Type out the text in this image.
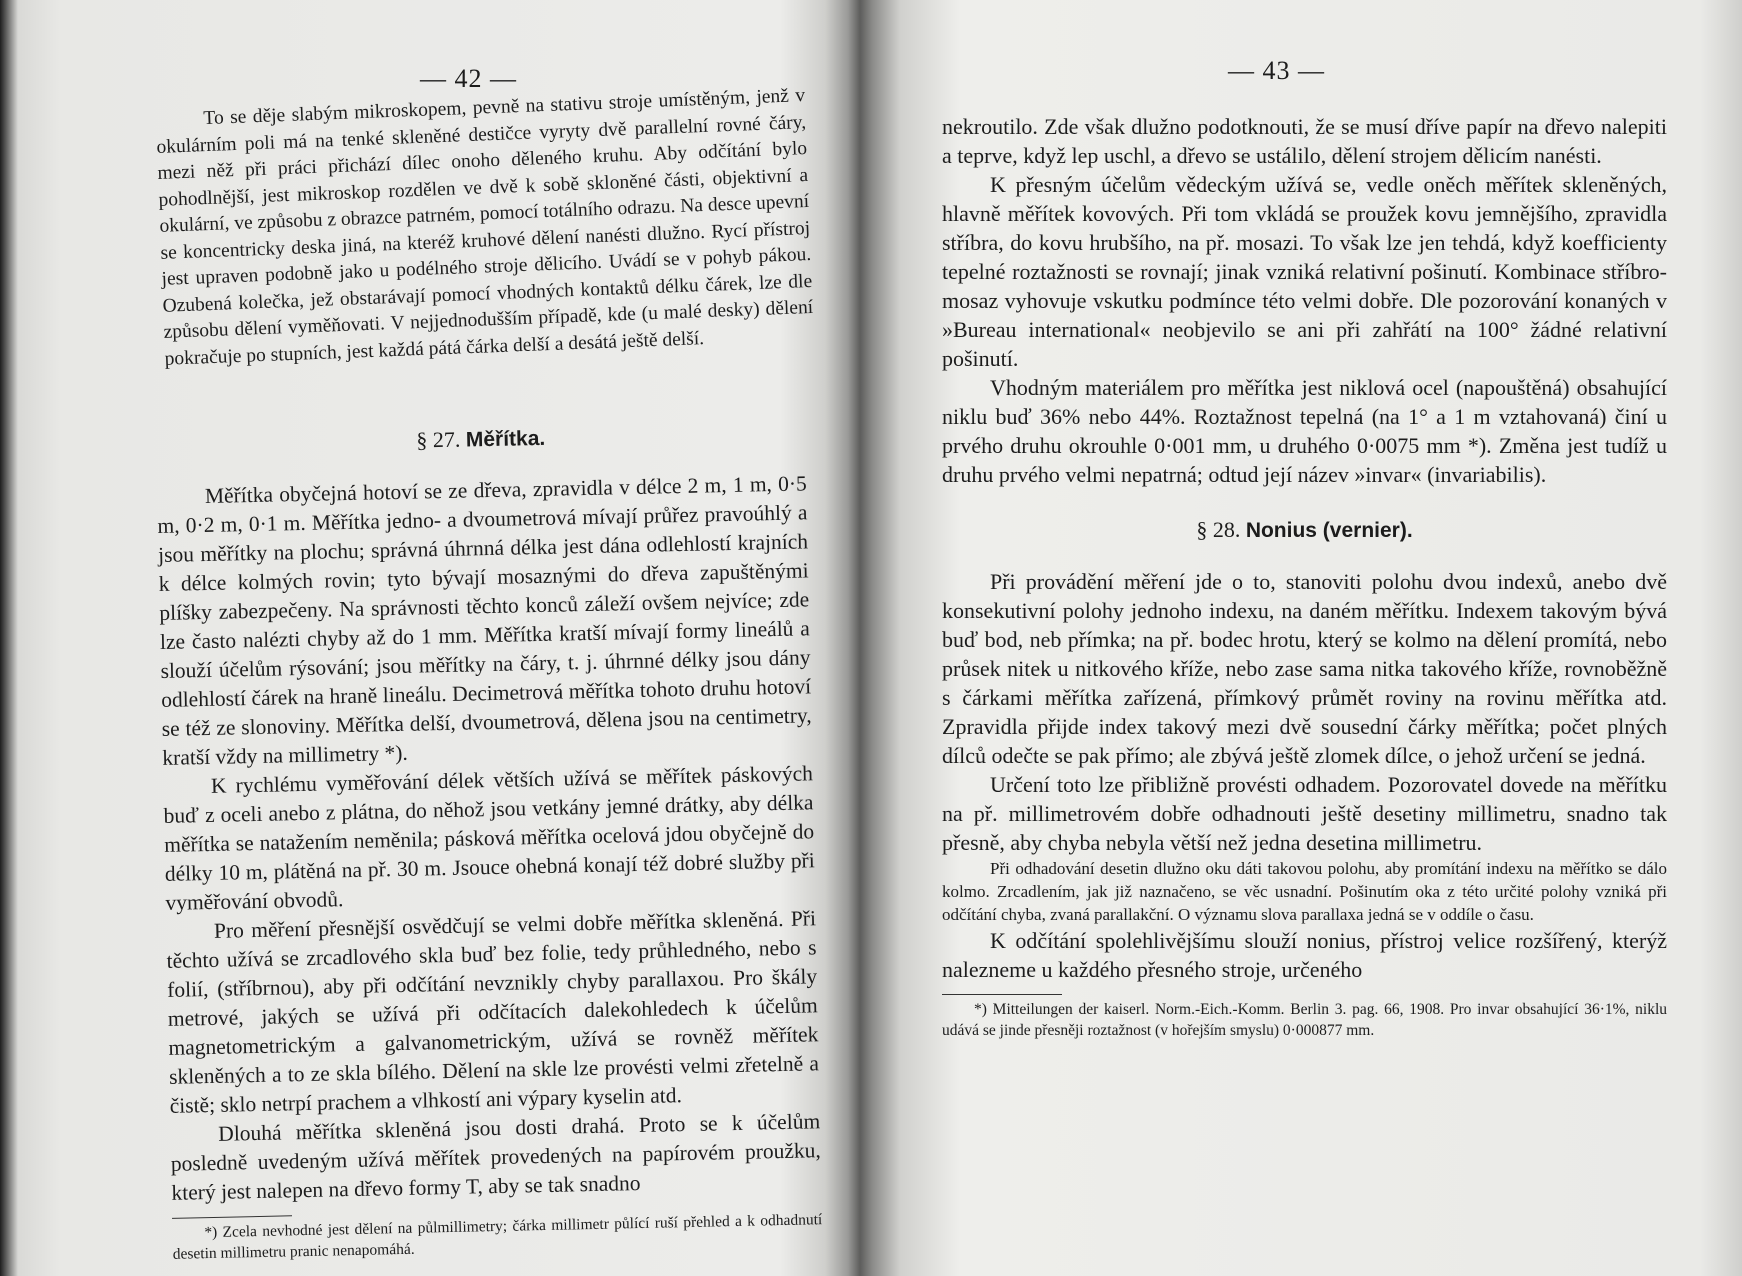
— 42 —

To se děje slabým mikroskopem, pevně na stativu stroje umístěným, jenž v okulárním poli má na tenké skleněné destičce vyryty dvě parallelní rovné čáry, mezi něž při práci přichází dílec onoho děleného kruhu. Aby odčítání bylo pohodlnější, jest mikroskop rozdělen ve dvě k sobě skloněné části, objektivní a okulární, ve způsobu z obrazce patrném, pomocí totálního odrazu. Na desce upevní se koncentricky deska jiná, na kteréž kruhové dělení nanésti dlužno. Rycí přístroj jest upraven podobně jako u podélného stroje dělicího. Uvádí se v pohyb pákou. Ozubená kolečka, jež obstarávají pomocí vhodných kontaktů délku čárek, lze dle způsobu dělení vyměňovati. V nejjednodušším případě, kde (u malé desky) dělení pokračuje po stupních, jest každá pátá čárka delší a desátá ještě delší.

§ 27. Měřítka.

Měřítka obyčejná hotoví se ze dřeva, zpravidla v délce 2 m, 1 m, 0·5 m, 0·2 m, 0·1 m. Měřítka jedno- a dvoumetrová mívají průřez pravoúhlý a jsou měřítky na plochu; správná úhrnná délka jest dána odlehlostí krajních k délce kolmých rovin; tyto bývají mosaznými do dřeva zapuštěnými plíšky zabezpečeny. Na správnosti těchto konců záleží ovšem nejvíce; zde lze často nalézti chyby až do 1 mm. Měřítka kratší mívají formy lineálů a slouží účelům rýsování; jsou měřítky na čáry, t. j. úhrnné délky jsou dány odlehlostí čárek na hraně lineálu. Decimetrová měřítka tohoto druhu hotoví se též ze slonoviny. Měřítka delší, dvoumetrová, dělena jsou na centimetry, kratší vždy na millimetry *).

K rychlému vyměřování délek větších užívá se měřítek páskových buď z oceli anebo z plátna, do něhož jsou vetkány jemné drátky, aby délka měřítka se natažením neměnila; pásková měřítka ocelová jdou obyčejně do délky 10 m, plátěná na př. 30 m. Jsouce ohebná konají též dobré služby při vyměřování obvodů.

Pro měření přesnější osvědčují se velmi dobře měřítka skleněná. Při těchto užívá se zrcadlového skla buď bez folie, tedy průhledného, nebo s folií, (stříbrnou), aby při odčítání nevznikly chyby parallaxou. Pro škály metrové, jakých se užívá při odčítacích dalekohledech k účelům magnetometrickým a galvanometrickým, užívá se rovněž měřítek skleněných a to ze skla bílého. Dělení na skle lze provésti velmi zřetelně a čistě; sklo netrpí prachem a vlhkostí ani výpary kyselin atd.

Dlouhá měřítka skleněná jsou dosti drahá. Proto se k účelům posledně uvedeným užívá měřítek provedených na papírovém proužku, který jest nalepen na dřevo formy T, aby se tak snadno

*) Zcela nevhodné jest dělení na půlmillimetry; čárka millimetr půlící ruší přehled a k odhadnutí desetin millimetru pranic nenapomáhá.

— 43 —

nekroutilo. Zde však dlužno podotknouti, že se musí dříve papír na dřevo nalepiti a teprve, když lep uschl, a dřevo se ustálilo, dělení strojem dělicím nanésti.

K přesným účelům vědeckým užívá se, vedle oněch měřítek skleněných, hlavně měřítek kovových. Při tom vkládá se proužek kovu jemnějšího, zpravidla stříbra, do kovu hrubšího, na př. mosazi. To však lze jen tehdá, když koefficienty tepelné roztažnosti se rovnají; jinak vzniká relativní pošinutí. Kombinace stříbro-mosaz vyhovuje vskutku podmínce této velmi dobře. Dle pozorování konaných v »Bureau international« neobjevilo se ani při zahřátí na 100° žádné relativní pošinutí.

Vhodným materiálem pro měřítka jest niklová ocel (napouštěná) obsahující niklu buď 36% nebo 44%. Roztažnost tepelná (na 1° a 1 m vztahovaná) činí u prvého druhu okrouhle 0·001 mm, u druhého 0·0075 mm *). Změna jest tudíž u druhu prvého velmi nepatrná; odtud její název »invar« (invariabilis).

§ 28. Nonius (vernier).

Při provádění měření jde o to, stanoviti polohu dvou indexů, anebo dvě konsekutivní polohy jednoho indexu, na daném měřítku. Indexem takovým bývá buď bod, neb přímka; na př. bodec hrotu, který se kolmo na dělení promítá, nebo průsek nitek u nitkového kříže, nebo zase sama nitka takového kříže, rovnoběžně s čárkami měřítka zařízená, přímkový průmět roviny na rovinu měřítka atd. Zpravidla přijde index takový mezi dvě sousední čárky měřítka; počet plných dílců odečte se pak přímo; ale zbývá ještě zlomek dílce, o jehož určení se jedná.

Určení toto lze přibližně provésti odhadem. Pozorovatel dovede na měřítku na př. millimetrovém dobře odhadnouti ještě desetiny millimetru, snadno tak přesně, aby chyba nebyla větší než jedna desetina millimetru.

Při odhadování desetin dlužno oku dáti takovou polohu, aby promítání indexu na měřítko se dálo kolmo. Zrcadlením, jak již naznačeno, se věc usnadní. Pošinutím oka z této určité polohy vzniká při odčítání chyba, zvaná parallakční. O významu slova parallaxa jedná se v oddíle o času.

K odčítání spolehlivějšímu slouží nonius, přístroj velice rozšířený, kterýž nalezneme u každého přesného stroje, určeného

*) Mitteilungen der kaiserl. Norm.-Eich.-Komm. Berlin 3. pag. 66, 1908. Pro invar obsahující 36·1%, niklu udává se jinde přesněji roztažnost (v hořejším smyslu) 0·000877 mm.
